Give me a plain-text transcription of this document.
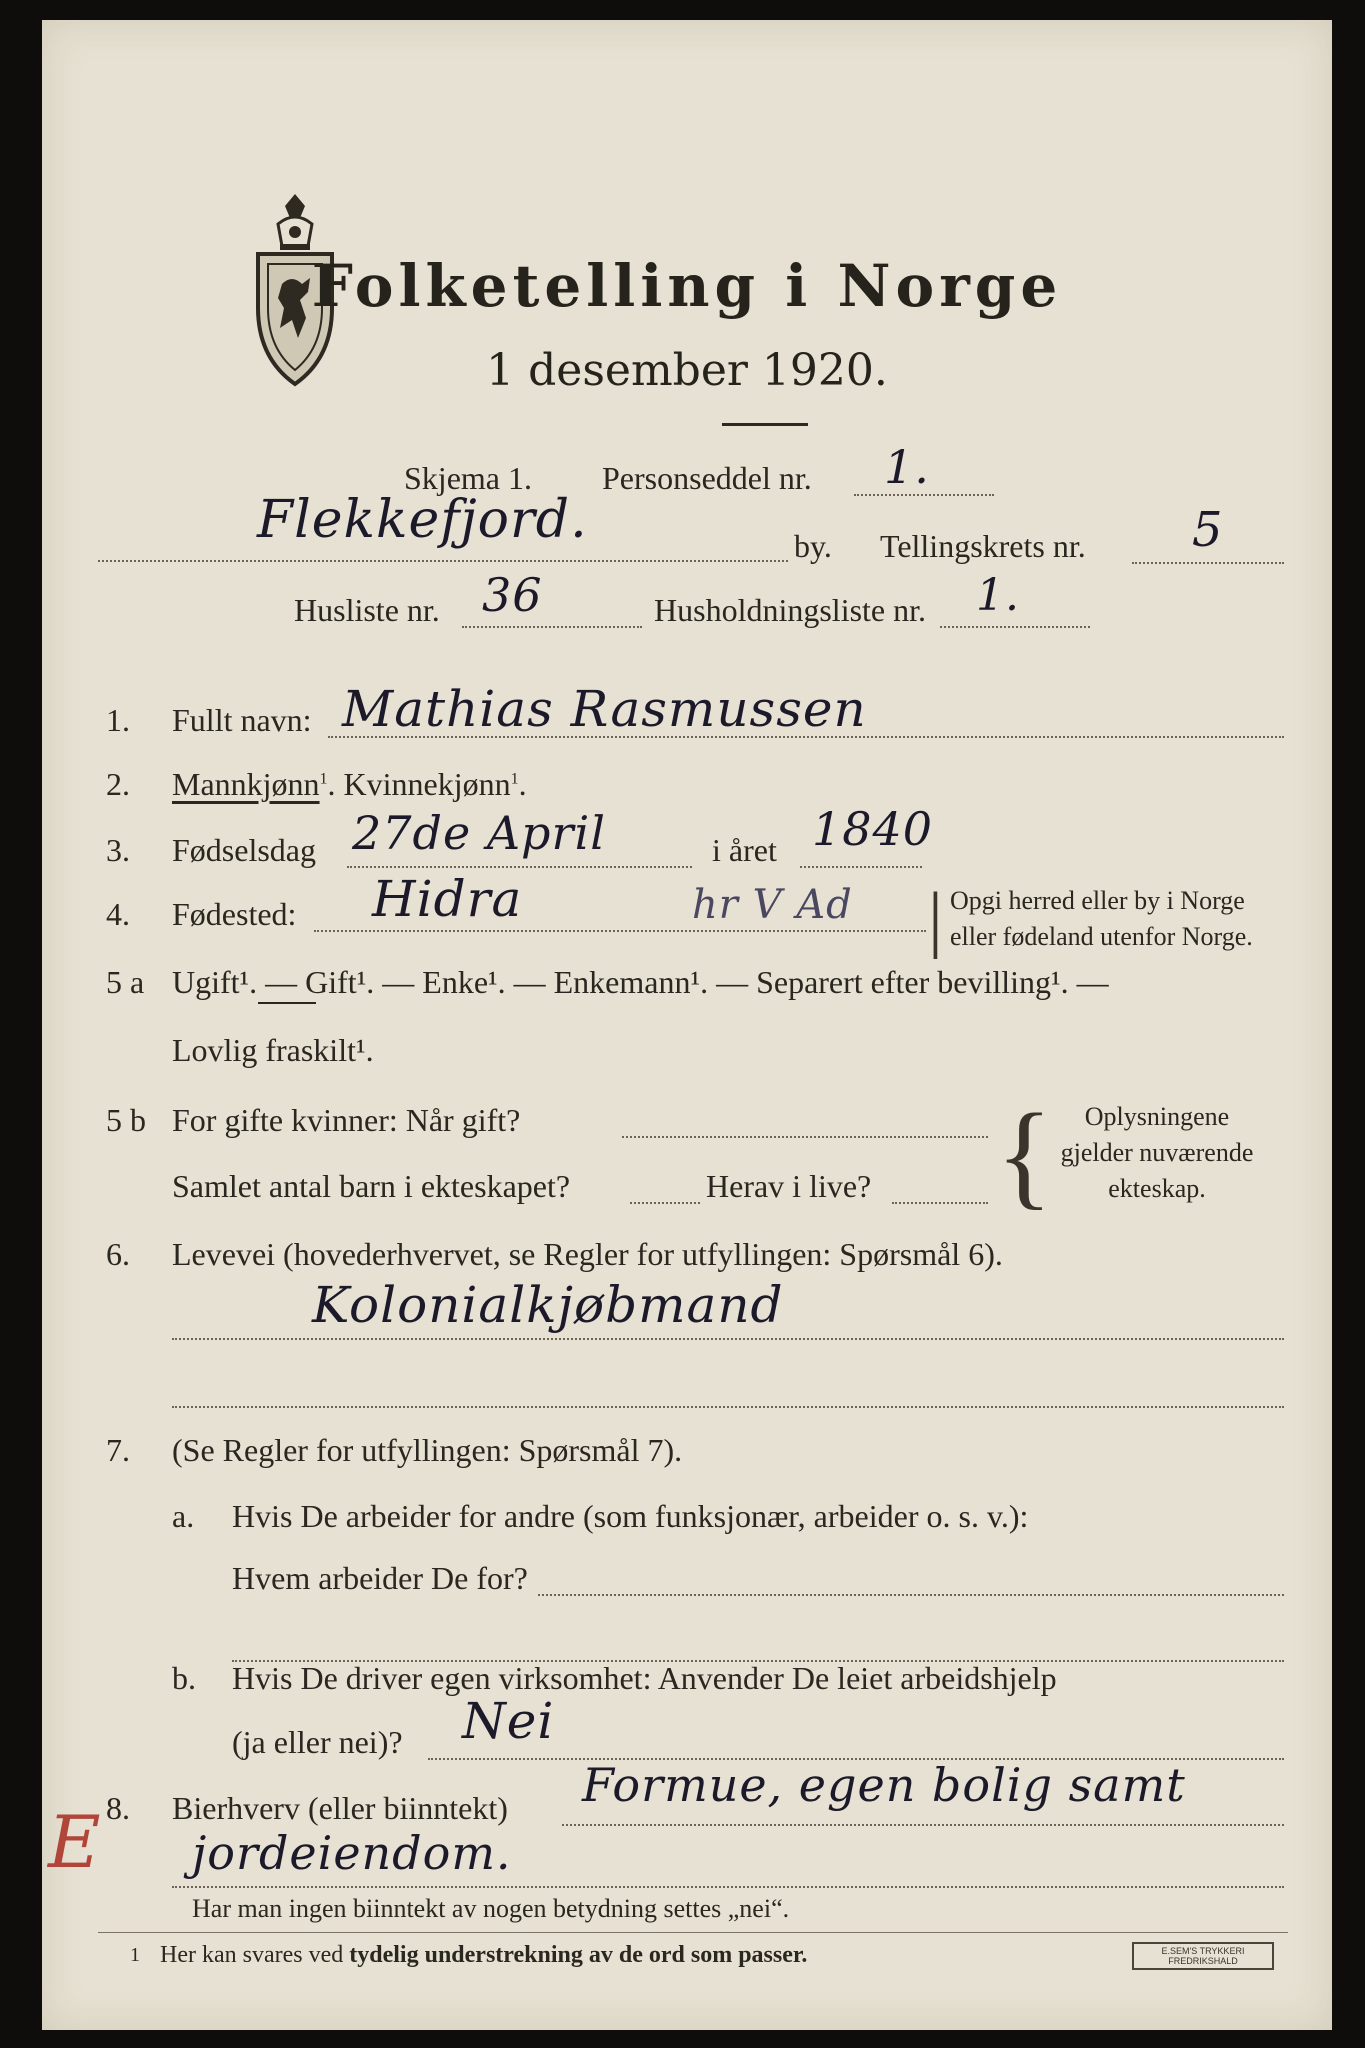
Folketelling i Norge
1 desember 1920.
Skjema 1. Personseddel nr. 1.
Flekkefjord.	by. Tellingskrets nr. 5
Husliste nr. 36	Husholdningsliste nr. 1.
1. Fullt navn: Mathias Rasmussen
2. Mannkjønn$^1$. Kvinnekjønn$^1$.
3. Fødselsdag 27de April	i året 1840
4. Fødested: Hidra	hr V Ad | Opgi herred eller by i Norge
eller fødeland utenfor Norge.
5 a Ugift¹. — Gift¹. — Enke¹. — Enkemann¹. — Separert efter bevilling¹. —
Lovlig fraskilt¹.
5 b For gifte kvinner: Når gift?
Samlet antal barn i ekteskapet?	Herav i live? {	Oplysningene
gjelder nuværende
ekteskap.
6. Levevei (hovederhvervet, se Regler for utfyllingen: Spørsmål 6).
Kolonialkjøbmand
7. (Se Regler for utfyllingen: Spørsmål 7).
a. Hvis De arbeider for andre (som funksjonær, arbeider o. s. v.):
Hvem arbeider De for?
b. Hvis De driver egen virksomhet: Anvender De leiet arbeidshjelp
(ja eller nei)? Nei
8. Bierhverv (eller biinntekt) Formue, egen bolig samt
jordeiendom.
E
Har man ingen biinntekt av nogen betydning settes „nei“.
1 Her kan svares ved tydelig understrekning av de ord som passer.	E.SEM'S TRYKKERI
FREDRIKSHALD
